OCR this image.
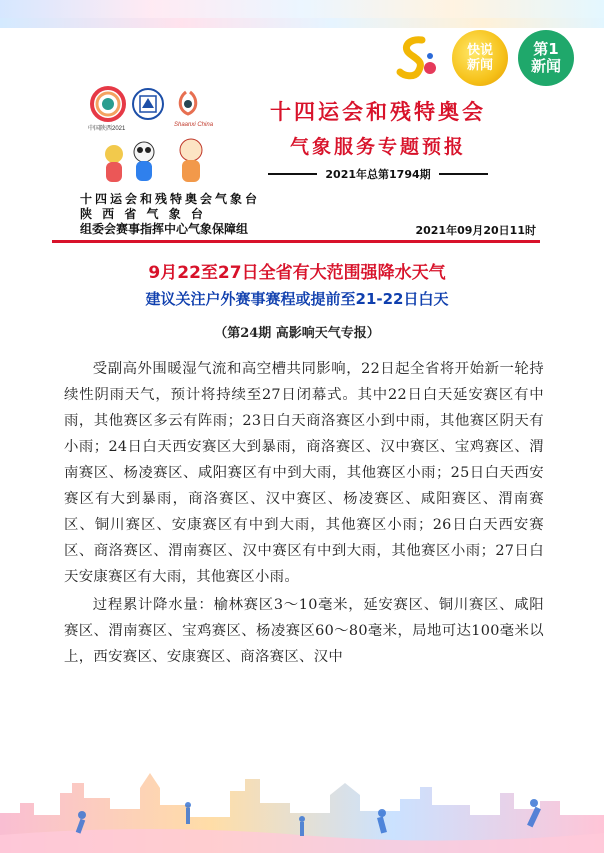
快说
新闻
第1
新闻
中国陕西2021
Shaanxi China
十四运会和残特奥会
气象服务专题预报
2021年总第1794期
十四运会和残特奥会气象台
陕 西 省 气 象 台
组委会赛事指挥中心气象保障组	2021年09月20日11时
9月22至27日全省有大范围强降水天气
建议关注户外赛事赛程或提前至21-22日白天
（第24期 高影响天气专报）

受副高外围暖湿气流和高空槽共同影响，22日起全省将开始新一轮持续性阴雨天气，预计将持续至27日闭幕式。其中22日白天延安赛区有中雨，其他赛区多云有阵雨；23日白天商洛赛区小到中雨，其他赛区阴天有小雨；24日白天西安赛区大到暴雨，商洛赛区、汉中赛区、宝鸡赛区、渭南赛区、杨凌赛区、咸阳赛区有中到大雨，其他赛区小雨；25日白天西安赛区有大到暴雨，商洛赛区、汉中赛区、杨凌赛区、咸阳赛区、渭南赛区、铜川赛区、安康赛区有中到大雨，其他赛区小雨；26日白天西安赛区、商洛赛区、渭南赛区、汉中赛区有中到大雨，其他赛区小雨；27日白天安康赛区有大雨，其他赛区小雨。

过程累计降水量：榆林赛区3～10毫米，延安赛区、铜川赛区、咸阳赛区、渭南赛区、宝鸡赛区、杨凌赛区60～80毫米，局地可达100毫米以上，西安赛区、安康赛区、商洛赛区、汉中
